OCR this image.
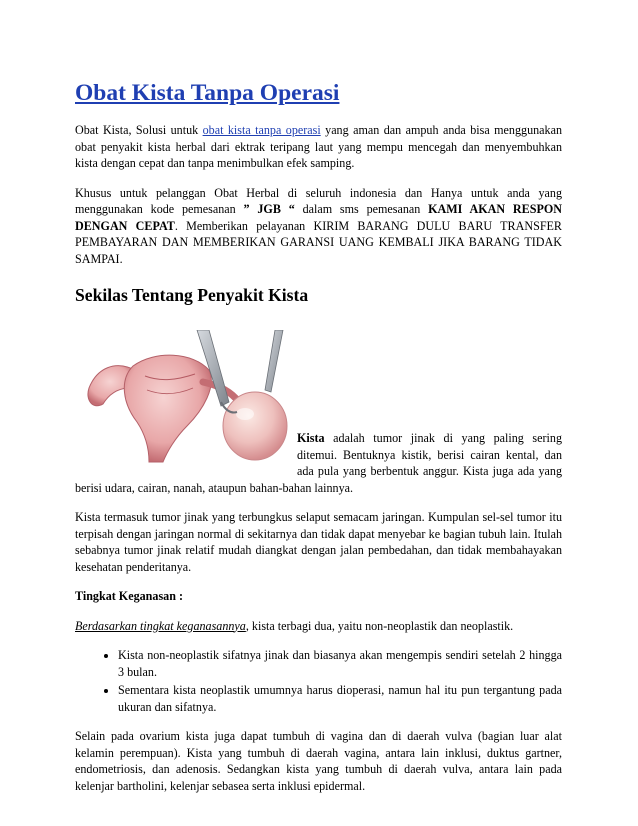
Obat Kista Tanpa Operasi

Obat Kista, Solusi untuk obat kista tanpa operasi yang aman dan ampuh anda bisa menggunakan obat penyakit kista herbal dari ektrak teripang laut yang mempu mencegah dan menyembuhkan kista dengan cepat dan tanpa menimbulkan efek samping.

Khusus untuk pelanggan Obat Herbal di seluruh indonesia dan Hanya untuk anda yang menggunakan kode pemesanan ” JGB “ dalam sms pemesanan KAMI AKAN RESPON DENGAN CEPAT. Memberikan pelayanan KIRIM BARANG DULU BARU TRANSFER PEMBAYARAN DAN MEMBERIKAN GARANSI UANG KEMBALI JIKA BARANG TIDAK SAMPAI.

Sekilas Tentang Penyakit Kista

Kista adalah tumor jinak di yang paling sering ditemui. Bentuknya kistik, berisi cairan kental, dan ada pula yang berbentuk anggur. Kista juga ada yang berisi udara, cairan, nanah, ataupun bahan-bahan lainnya.

Kista termasuk tumor jinak yang terbungkus selaput semacam jaringan. Kumpulan sel-sel tumor itu terpisah dengan jaringan normal di sekitarnya dan tidak dapat menyebar ke bagian tubuh lain. Itulah sebabnya tumor jinak relatif mudah diangkat dengan jalan pembedahan, dan tidak membahayakan kesehatan penderitanya.

Tingkat Keganasan :

Berdasarkan tingkat keganasannya, kista terbagi dua, yaitu non-neoplastik dan neoplastik.

• Kista non-neoplastik sifatnya jinak dan biasanya akan mengempis sendiri setelah 2 hingga 3 bulan.
• Sementara kista neoplastik umumnya harus dioperasi, namun hal itu pun tergantung pada ukuran dan sifatnya.

Selain pada ovarium kista juga dapat tumbuh di vagina dan di daerah vulva (bagian luar alat kelamin perempuan). Kista yang tumbuh di daerah vagina, antara lain inklusi, duktus gartner, endometriosis, dan adenosis. Sedangkan kista yang tumbuh di daerah vulva, antara lain pada kelenjar bartholini, kelenjar sebasea serta inklusi epidermal.
